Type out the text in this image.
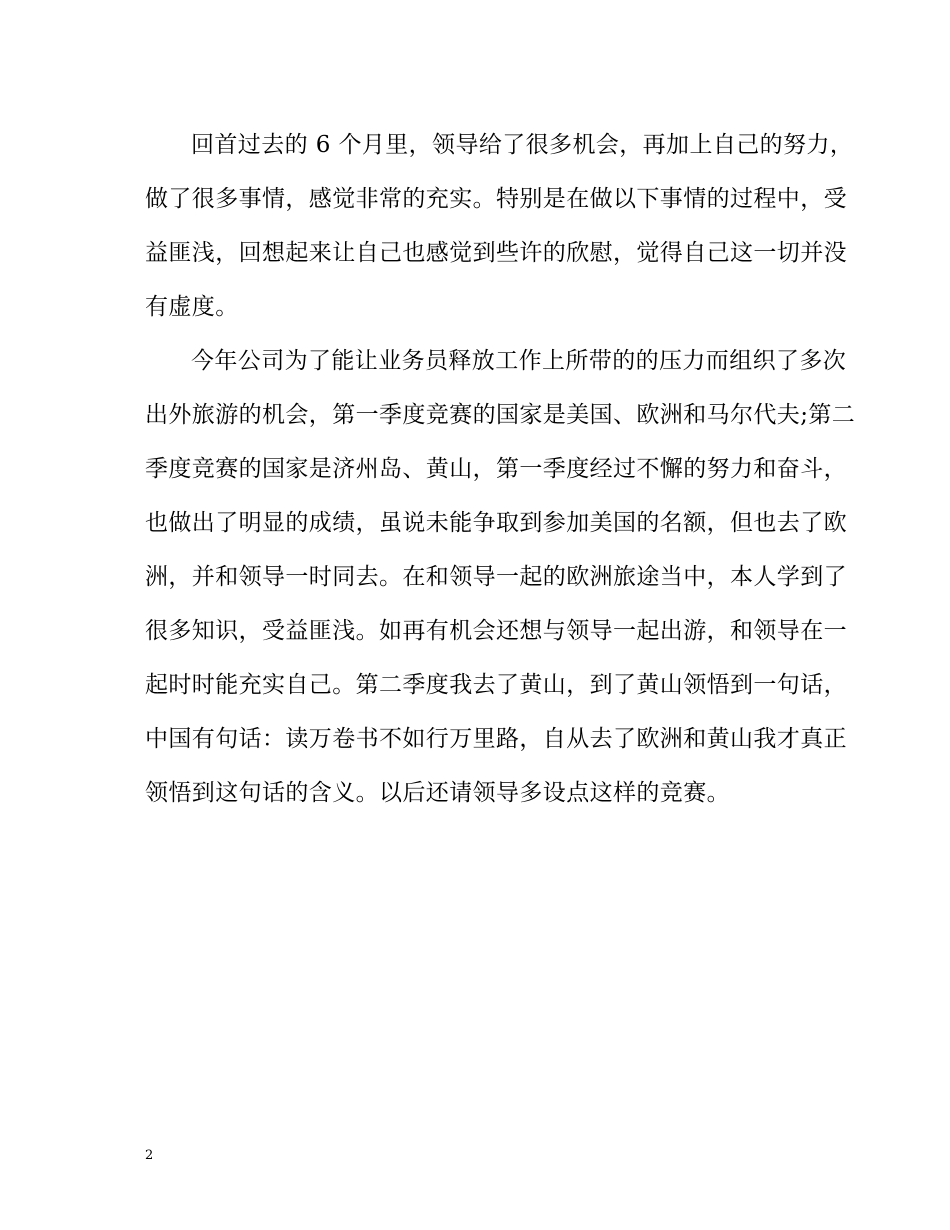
回首过去的 6 个月里，领导给了很多机会，再加上自己的努力，
做了很多事情，感觉非常的充实。特别是在做以下事情的过程中，受
益匪浅，回想起来让自己也感觉到些许的欣慰，觉得自己这一切并没
有虚度。
今年公司为了能让业务员释放工作上所带的的压力而组织了多次
出外旅游的机会，第一季度竞赛的国家是美国、欧洲和马尔代夫;第二
季度竞赛的国家是济州岛、黄山，第一季度经过不懈的努力和奋斗，
也做出了明显的成绩，虽说未能争取到参加美国的名额，但也去了欧
洲，并和领导一时同去。在和领导一起的欧洲旅途当中，本人学到了
很多知识，受益匪浅。如再有机会还想与领导一起出游，和领导在一
起时时能充实自己。第二季度我去了黄山，到了黄山领悟到一句话，
中国有句话：读万卷书不如行万里路，自从去了欧洲和黄山我才真正
领悟到这句话的含义。以后还请领导多设点这样的竞赛。
2
